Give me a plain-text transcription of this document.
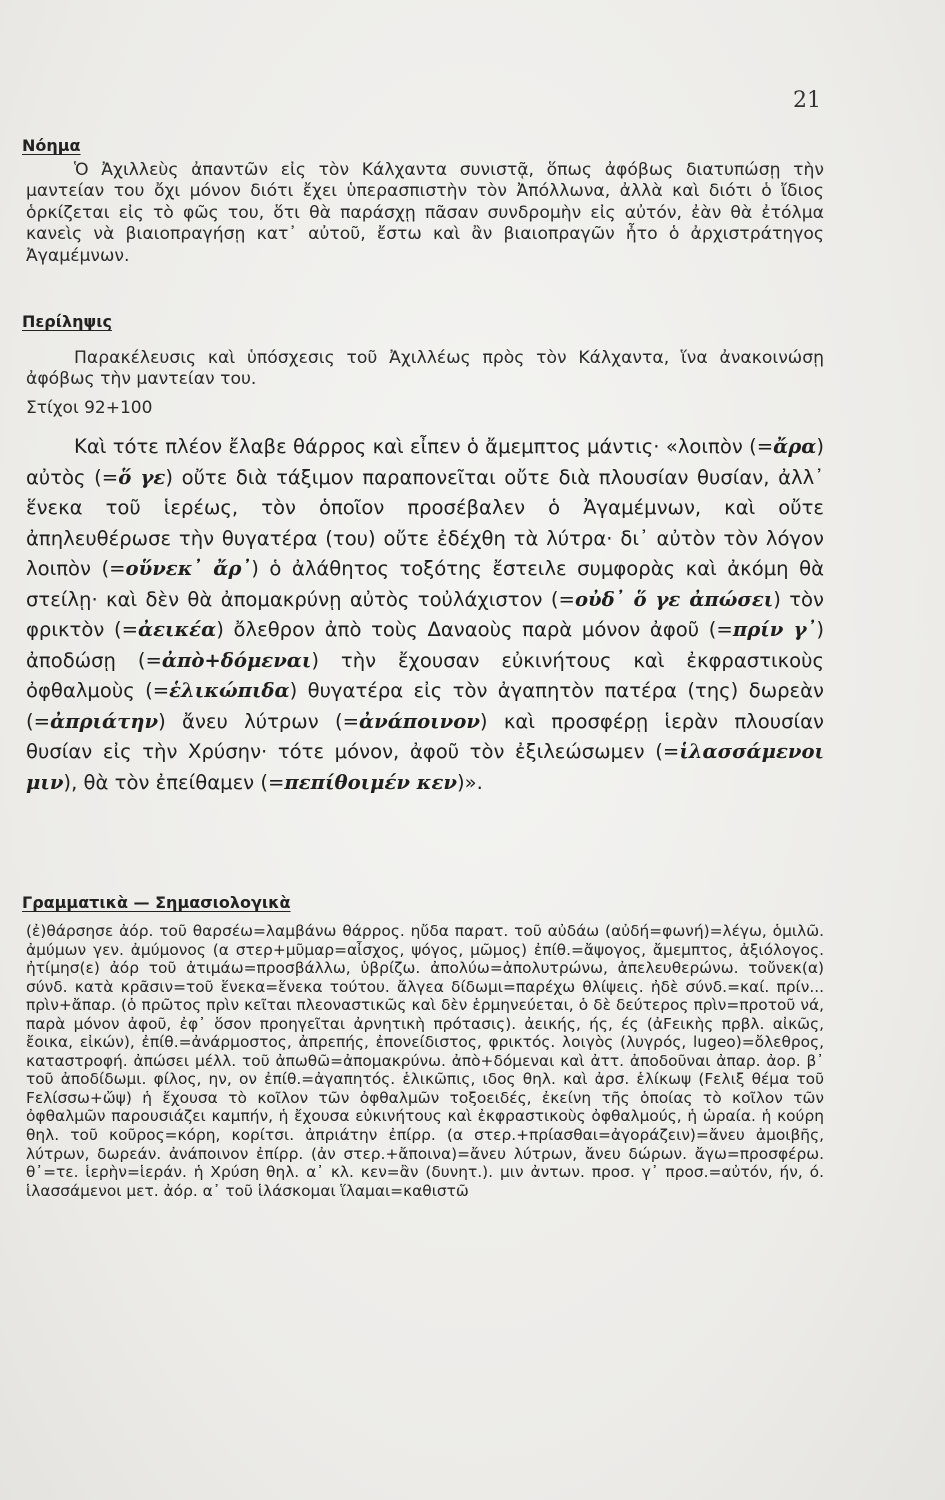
21
Νόημα
Ὁ Ἀχιλλεὺς ἀπαντῶν εἰς τὸν Κάλχαντα συνιστᾷ, ὅπως ἀφόβως διατυπώσῃ τὴν μαντείαν του ὄχι μόνον διότι ἔχει ὑπερασπιστὴν τὸν Ἀπόλλωνα, ἀλλὰ καὶ διότι ὁ ἴδιος ὁρκίζεται εἰς τὸ φῶς του, ὅτι θὰ παράσχῃ πᾶσαν συνδρομὴν εἰς αὐτόν, ἐὰν θὰ ἐτόλμα κανεὶς νὰ βιαιοπραγήσῃ κατ᾽ αὐτοῦ, ἔστω καὶ ἂν βιαιοπραγῶν ἦτο ὁ ἀρχιστράτηγος Ἀγαμέμνων.
Περίληψις
Παρακέλευσις καὶ ὑπόσχεσις τοῦ Ἀχιλλέως πρὸς τὸν Κάλχαντα, ἵνα ἀνακοινώσῃ ἀφόβως τὴν μαντείαν του.
Στίχοι 92+100
Καὶ τότε πλέον ἔλαβε θάρρος καὶ εἶπεν ὁ ἄμεμπτος μάντις· «λοιπὸν (=ἄρα) αὐτὸς (=ὅ γε) οὔτε διὰ τάξιμον παραπονεῖται οὔτε διὰ πλουσίαν θυσίαν, ἀλλ᾽ ἕνεκα τοῦ ἱερέως, τὸν ὁποῖον προσέβαλεν ὁ Ἀγαμέμνων, καὶ οὔτε ἀπηλευθέρωσε τὴν θυγατέρα (του) οὔτε ἐδέχθη τὰ λύτρα· δι᾽ αὐτὸν τὸν λόγον λοιπὸν (=οὕνεκ᾽ ἄρ᾽) ὁ ἀλάθητος τοξότης ἔστειλε συμφορὰς καὶ ἀκόμη θὰ στείλῃ· καὶ δὲν θὰ ἀπομακρύνῃ αὐτὸς τοὐλάχιστον (=οὐδ᾽ ὅ γε ἀπώσει) τὸν φρικτὸν (=ἀεικέα) ὄλεθρον ἀπὸ τοὺς Δαναοὺς παρὰ μόνον ἀφοῦ (=πρίν γ᾽) ἀποδώσῃ (=ἀπὸ+δόμεναι) τὴν ἔχουσαν εὐκινήτους καὶ ἐκφραστικοὺς ὀφθαλμοὺς (=ἑλικώπιδα) θυγατέρα εἰς τὸν ἀγαπητὸν πατέρα (της) δωρεὰν (=ἀπριάτην) ἄνευ λύτρων (=ἀνάποινον) καὶ προσφέρῃ ἱερὰν πλουσίαν θυσίαν εἰς τὴν Χρύσην· τότε μόνον, ἀφοῦ τὸν ἐξιλεώσωμεν (=ἱλασσάμενοι μιν), θὰ τὸν ἐπείθαμεν (=πεπίθοιμέν κεν)».
Γραμματικὰ — Σημασιολογικὰ
(ἐ)θάρσησε ἀόρ. τοῦ θαρσέω=λαμβάνω θάρρος. ηὔδα παρατ. τοῦ αὐδάω (αὐδή=φωνή)=λέγω, ὁμιλῶ. ἀμύμων γεν. ἀμύμονος (α στερ+μῦμαρ=αἶσχος, ψόγος, μῶμος) ἐπίθ.=ἄψογος, ἄμεμπτος, ἀξιόλογος. ἠτίμησ(ε) ἀόρ τοῦ ἀτιμάω=προσβάλλω, ὑβρίζω. ἀπολύω=ἀπολυτρώνω, ἀπελευθερώνω. τοὔνεκ(α) σύνδ. κατὰ κρᾶσιν=τοῦ ἕνεκα=ἕνεκα τούτου. ἄλγεα δίδωμι=παρέχω θλίψεις. ἠδὲ σύνδ.=καί. πρίν... πρὶν+ἄπαρ. (ὁ πρῶτος πρὶν κεῖται πλεοναστικῶς καὶ δὲν ἑρμηνεύεται, ὁ δὲ δεύτερος πρὶν=προτοῦ νά, παρὰ μόνον ἀφοῦ, ἐφ᾽ ὅσον προηγεῖται ἀρνητικὴ πρότασις). ἀεικής, ής, ές (ἀFεικὴς πρβλ. αἰκῶς, ἔοικα, εἰκών), ἐπίθ.=ἀνάρμοστος, ἀπρεπής, ἐπονείδιστος, φρικτός. λοιγὸς (λυγρός, lugeo)=ὄλεθρος, καταστροφή. ἀπώσει μέλλ. τοῦ ἀπωθῶ=ἀπομακρύνω. ἀπὸ+δόμεναι καὶ ἀττ. ἀποδοῦναι ἀπαρ. ἀορ. β᾽ τοῦ ἀποδίδωμι. φίλος, ην, ον ἐπίθ.=ἀγαπητός. ἑλικῶπις, ιδος θηλ. καὶ ἀρσ. ἑλίκωψ (Fελιξ θέμα τοῦ Fελίσσω+ὤψ) ἡ ἔχουσα τὸ κοῖλον τῶν ὀφθαλμῶν τοξοειδές, ἐκείνη τῆς ὁποίας τὸ κοῖλον τῶν ὀφθαλμῶν παρουσιάζει καμπήν, ἡ ἔχουσα εὐκινήτους καὶ ἐκφραστικοὺς ὀφθαλμούς, ἡ ὡραία. ἡ κούρη θηλ. τοῦ κοῦρος=κόρη, κορίτσι. ἀπριάτην ἐπίρρ. (α στερ.+πρίασθαι=ἀγοράζειν)=ἄνευ ἀμοιβῆς, λύτρων, δωρεάν. ἀνάποινον ἐπίρρ. (ἀν στερ.+ἄποινα)=ἄνευ λύτρων, ἄνευ δώρων. ἄγω=προσφέρω. θ᾽=τε. ἱερὴν=ἱεράν. ἡ Χρύση θηλ. α᾽ κλ. κεν=ἂν (δυνητ.). μιν ἀντων. προσ. γ᾽ προσ.=αὐτόν, ήν, ό. ἱλασσάμενοι μετ. ἀόρ. α᾽ τοῦ ἱλάσκομαι ἵλαμαι=καθιστῶ
